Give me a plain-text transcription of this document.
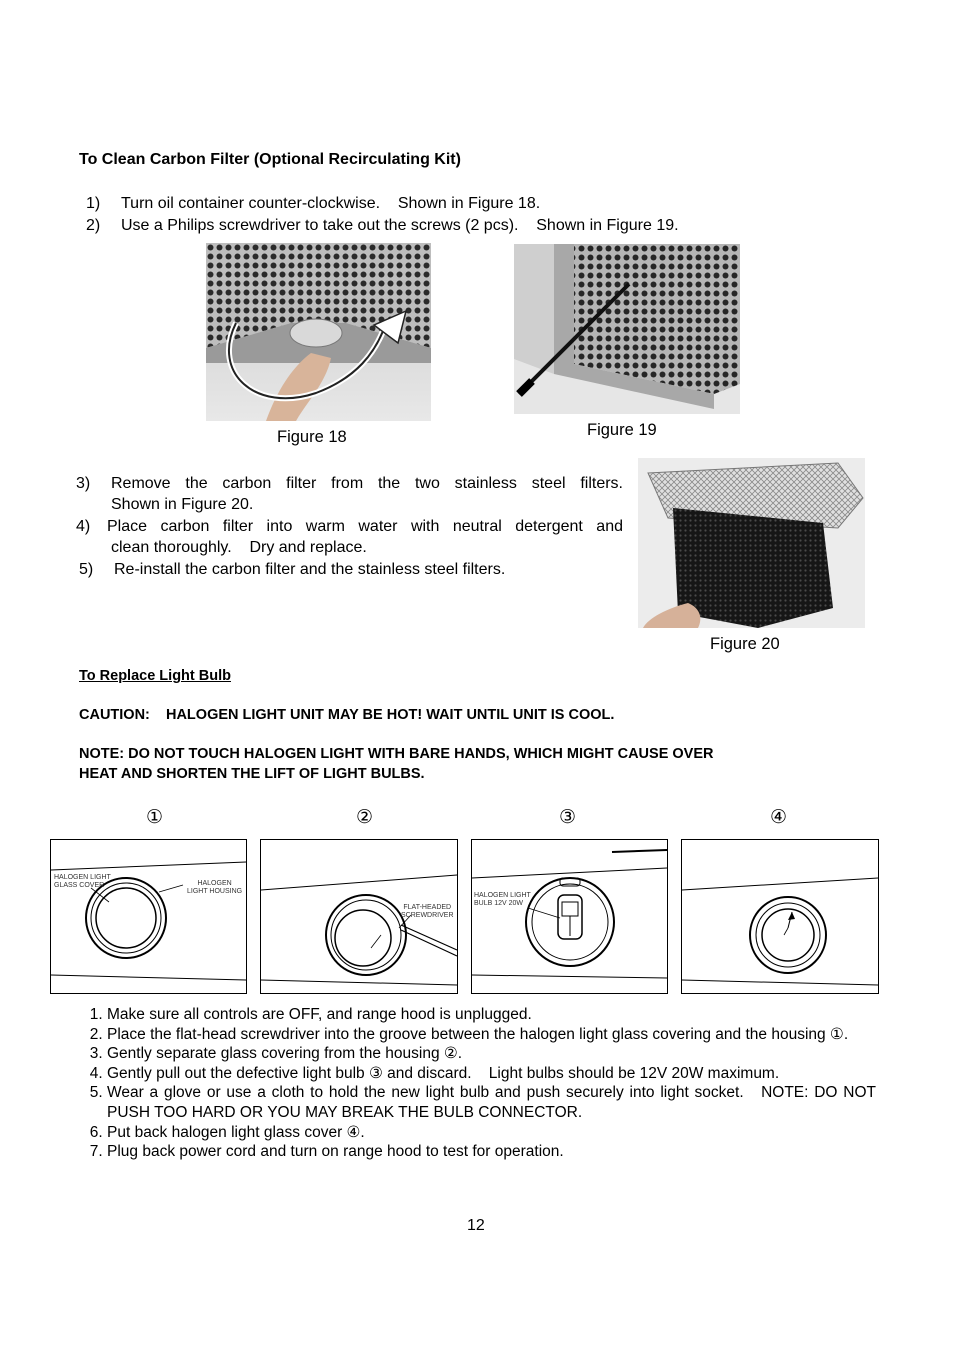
To Clean Carbon Filter (Optional Recirculating Kit)
1) Turn oil container counter-clockwise.    Shown in Figure 18.
2) Use a Philips screwdriver to take out the screws (2 pcs).    Shown in Figure 19.
Figure 18	Figure 19
3) Remove the carbon filter from the two stainless steel filters.
Shown in Figure 20.
4) Place carbon filter into warm water with neutral detergent and
clean thoroughly.    Dry and replace.
5) Re-install the carbon filter and the stainless steel filters.
Figure 20
To Replace Light Bulb
CAUTION:    HALOGEN LIGHT UNIT MAY BE HOT! WAIT UNTIL UNIT IS COOL.
NOTE: DO NOT TOUCH HALOGEN LIGHT WITH BARE HANDS, WHICH MIGHT CAUSE OVER
HEAT AND SHORTEN THE LIFT OF LIGHT BULBS.
①	②	③	④
HALOGEN LIGHT
GLASS COVER	HALOGEN
LIGHT HOUSING
FLAT-HEADED
SCREWDRIVER
HALOGEN LIGHT
BULB 12V 20W
1. Make sure all controls are OFF, and range hood is unplugged.
2. Place the flat-head screwdriver into the groove between the halogen light glass covering and the housing ①.
3. Gently separate glass covering from the housing ②.
4. Gently pull out the defective light bulb ③ and discard.    Light bulbs should be 12V 20W maximum.
5. Wear a glove or use a cloth to hold the new light bulb and push securely into light socket.   NOTE: DO NOT PUSH TOO HARD OR YOU MAY BREAK THE BULB CONNECTOR.
6. Put back halogen light glass cover ④.
7. Plug back power cord and turn on range hood to test for operation.
12
